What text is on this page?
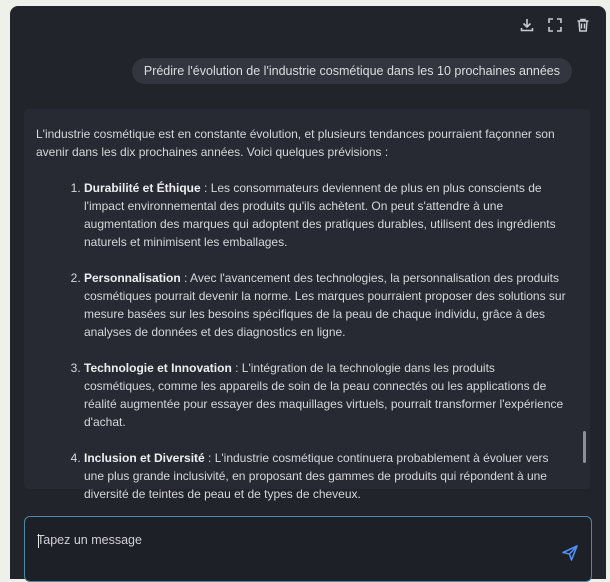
Prédire l'évolution de l'industrie cosmétique dans les 10 prochaines années

L'industrie cosmétique est en constante évolution, et plusieurs tendances pourraient façonner son avenir dans les dix prochaines années. Voici quelques prévisions :

1. Durabilité et Éthique : Les consommateurs deviennent de plus en plus conscients de l'impact environnemental des produits qu'ils achètent. On peut s'attendre à une augmentation des marques qui adoptent des pratiques durables, utilisent des ingrédients naturels et minimisent les emballages.
2. Personnalisation : Avec l'avancement des technologies, la personnalisation des produits cosmétiques pourrait devenir la norme. Les marques pourraient proposer des solutions sur mesure basées sur les besoins spécifiques de la peau de chaque individu, grâce à des analyses de données et des diagnostics en ligne.
3. Technologie et Innovation : L'intégration de la technologie dans les produits cosmétiques, comme les appareils de soin de la peau connectés ou les applications de réalité augmentée pour essayer des maquillages virtuels, pourrait transformer l'expérience d'achat.
4. Inclusion et Diversité : L'industrie cosmétique continuera probablement à évoluer vers une plus grande inclusivité, en proposant des gammes de produits qui répondent à une diversité de teintes de peau et de types de cheveux.
Tapez un message
